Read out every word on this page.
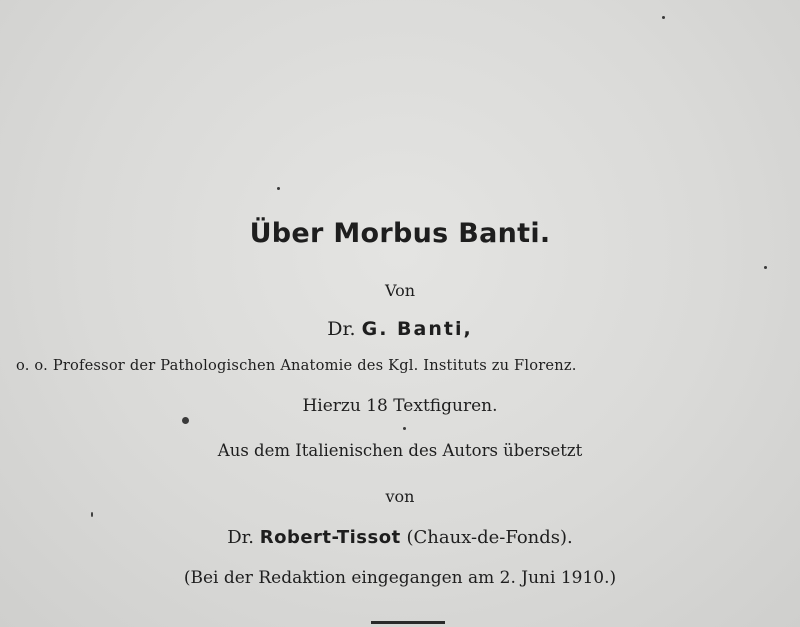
Über Morbus Banti.
Von
Dr. G. Banti,
o. o. Professor der Pathologischen Anatomie des Kgl. Instituts zu Florenz.
Hierzu 18 Textfiguren.
Aus dem Italienischen des Autors übersetzt
von
Dr. Robert-Tissot (Chaux-de-Fonds).
(Bei der Redaktion eingegangen am 2. Juni 1910.)
